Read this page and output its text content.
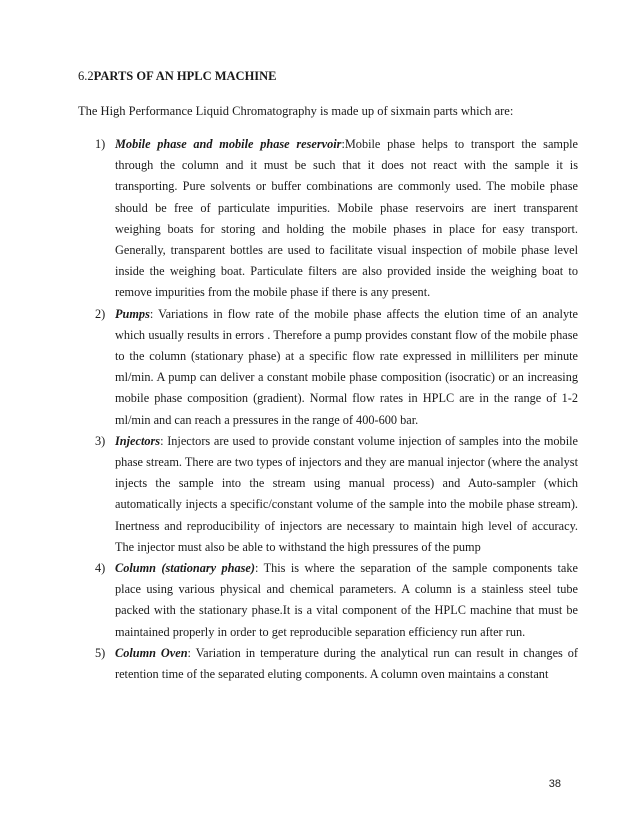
6.2PARTS OF AN HPLC MACHINE
The High Performance Liquid Chromatography is made up of sixmain parts which are:
1) Mobile phase and mobile phase reservoir:Mobile phase helps to transport the sample through the column and it must be such that it does not react with the sample it is transporting. Pure solvents or buffer combinations are commonly used. The mobile phase should be free of particulate impurities. Mobile phase reservoirs are inert transparent weighing boats for storing and holding the mobile phases in place for easy transport. Generally, transparent bottles are used to facilitate visual inspection of mobile phase level inside the weighing boat. Particulate filters are also provided inside the weighing boat to remove impurities from the mobile phase if there is any present.

2) Pumps: Variations in flow rate of the mobile phase affects the elution time of an analyte which usually results in errors . Therefore a pump provides constant flow of the mobile phase to the column (stationary phase) at a specific flow rate expressed in milliliters per minute ml/min. A pump can deliver a constant mobile phase composition (isocratic) or an increasing mobile phase composition (gradient). Normal flow rates in HPLC are in the range of 1-2 ml/min and can reach a pressures in the range of 400-600 bar.

3) Injectors: Injectors are used to provide constant volume injection of samples into the mobile phase stream. There are two types of injectors and they are manual injector (where the analyst injects the sample into the stream using manual process) and Auto-sampler (which automatically injects a specific/constant volume of the sample into the mobile phase stream). Inertness and reproducibility of injectors are necessary to maintain high level of accuracy. The injector must also be able to withstand the high pressures of the pump

4) Column (stationary phase): This is where the separation of the sample components take place using various physical and chemical parameters. A column is a stainless steel tube packed with the stationary phase.It is a vital component of the HPLC machine that must be maintained properly in order to get reproducible separation efficiency run after run.

5) Column Oven: Variation in temperature during the analytical run can result in changes of retention time of the separated eluting components. A column oven maintains a constant

38
